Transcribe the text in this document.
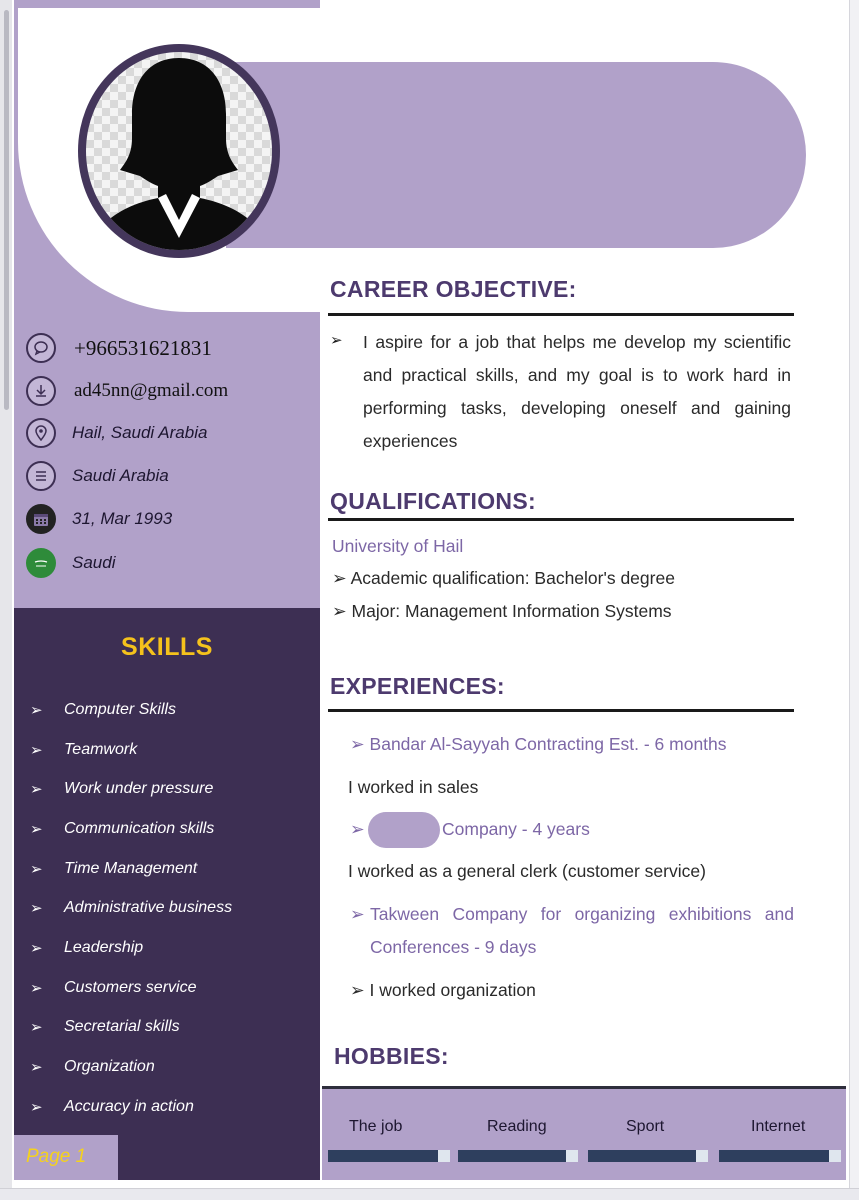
+966531621831
ad45nn@gmail.com
Hail, Saudi Arabia
Saudi Arabia
31, Mar 1993
Saudi
SKILLS
➢	Computer Skills
➢	Teamwork
➢	Work under pressure
➢	Communication skills
➢	Time Management
➢	Administrative business
➢	Leadership
➢	Customers service
➢	Secretarial skills
➢	Organization
➢	Accuracy in action
Page 1
CAREER OBJECTIVE:
➢ I aspire for a job that helps me develop my scientific and practical skills, and my goal is to work hard in performing tasks, developing oneself and gaining experiences
QUALIFICATIONS:
University of Hail
➢ Academic qualification: Bachelor's degree
➢ Major: Management Information Systems
EXPERIENCES:
➢ Bandar Al-Sayyah Contracting Est. - 6 months
I worked in sales
➢	Company - 4 years
I worked as a general clerk (customer service)
➢ Takween Company for organizing exhibitions and Conferences - 9 days
➢ I worked organization
HOBBIES:
The job	Reading	Sport	Internet
